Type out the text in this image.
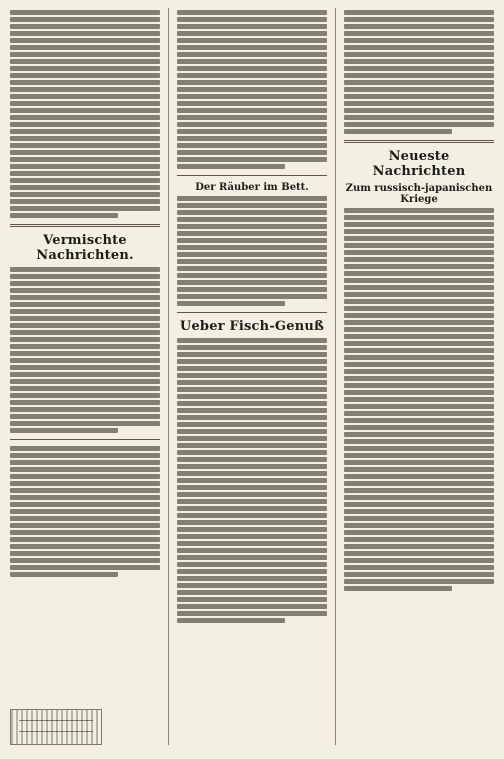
Vermischte Nachrichten.
Der Räuber im Bett.
Ueber Fisch-Genuß
Neueste Nachrichten
Zum russisch-japanischen Kriege
